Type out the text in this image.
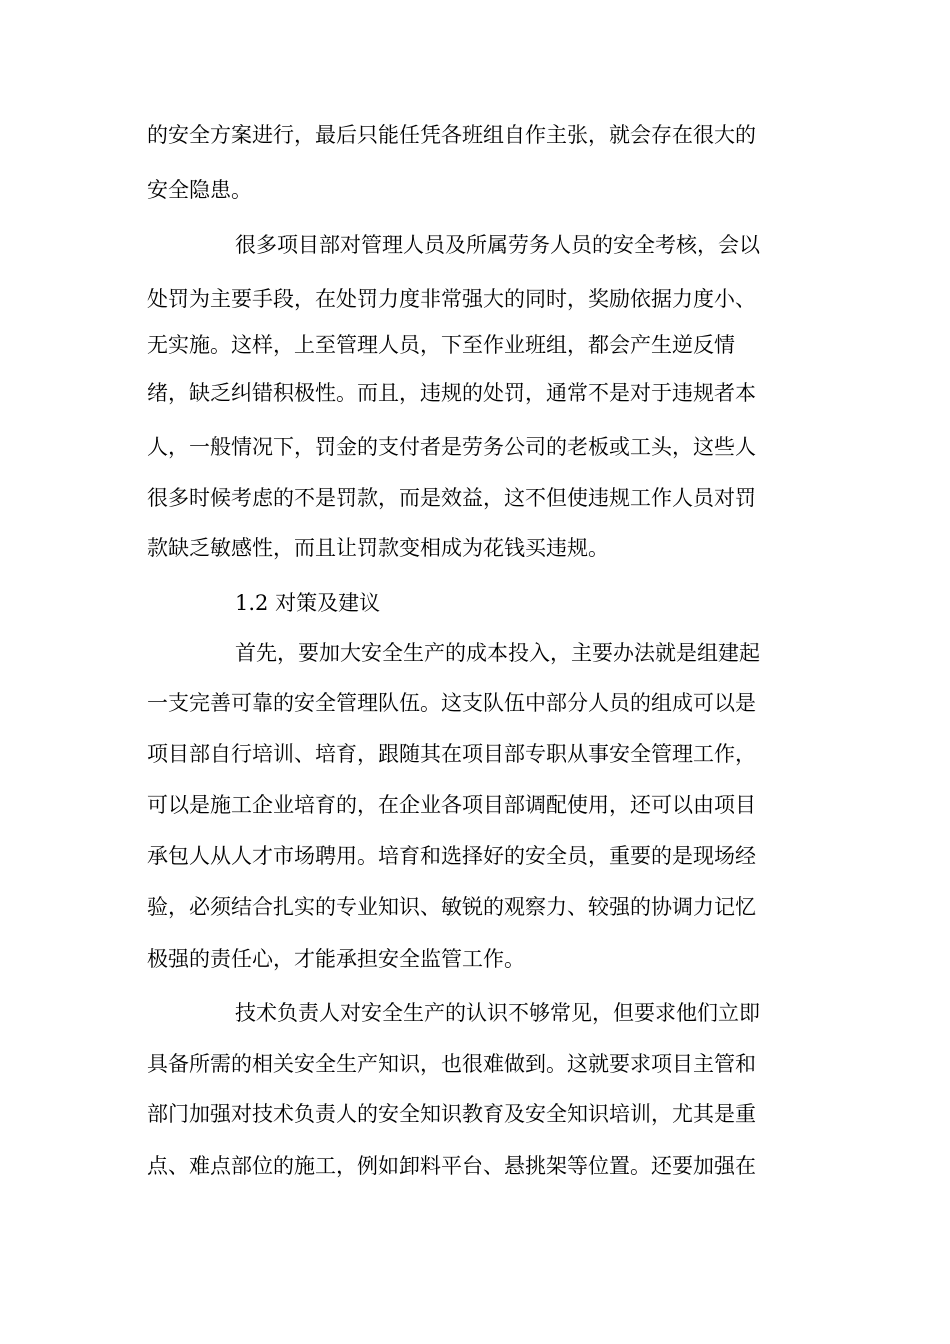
的安全方案进行，最后只能任凭各班组自作主张，就会存在很大的
安全隐患。
很多项目部对管理人员及所属劳务人员的安全考核，会以
处罚为主要手段，在处罚力度非常强大的同时，奖励依据力度小、
无实施。这样，上至管理人员，下至作业班组，都会产生逆反情
绪，缺乏纠错积极性。而且，违规的处罚，通常不是对于违规者本
人，一般情况下，罚金的支付者是劳务公司的老板或工头，这些人
很多时候考虑的不是罚款，而是效益，这不但使违规工作人员对罚
款缺乏敏感性，而且让罚款变相成为花钱买违规。
1.2 对策及建议
首先，要加大安全生产的成本投入，主要办法就是组建起
一支完善可靠的安全管理队伍。这支队伍中部分人员的组成可以是
项目部自行培训、培育，跟随其在项目部专职从事安全管理工作，
可以是施工企业培育的，在企业各项目部调配使用，还可以由项目
承包人从人才市场聘用。培育和选择好的安全员，重要的是现场经
验，必须结合扎实的专业知识、敏锐的观察力、较强的协调力记忆
极强的责任心，才能承担安全监管工作。
技术负责人对安全生产的认识不够常见，但要求他们立即
具备所需的相关安全生产知识，也很难做到。这就要求项目主管和
部门加强对技术负责人的安全知识教育及安全知识培训，尤其是重
点、难点部位的施工，例如卸料平台、悬挑架等位置。还要加强在
